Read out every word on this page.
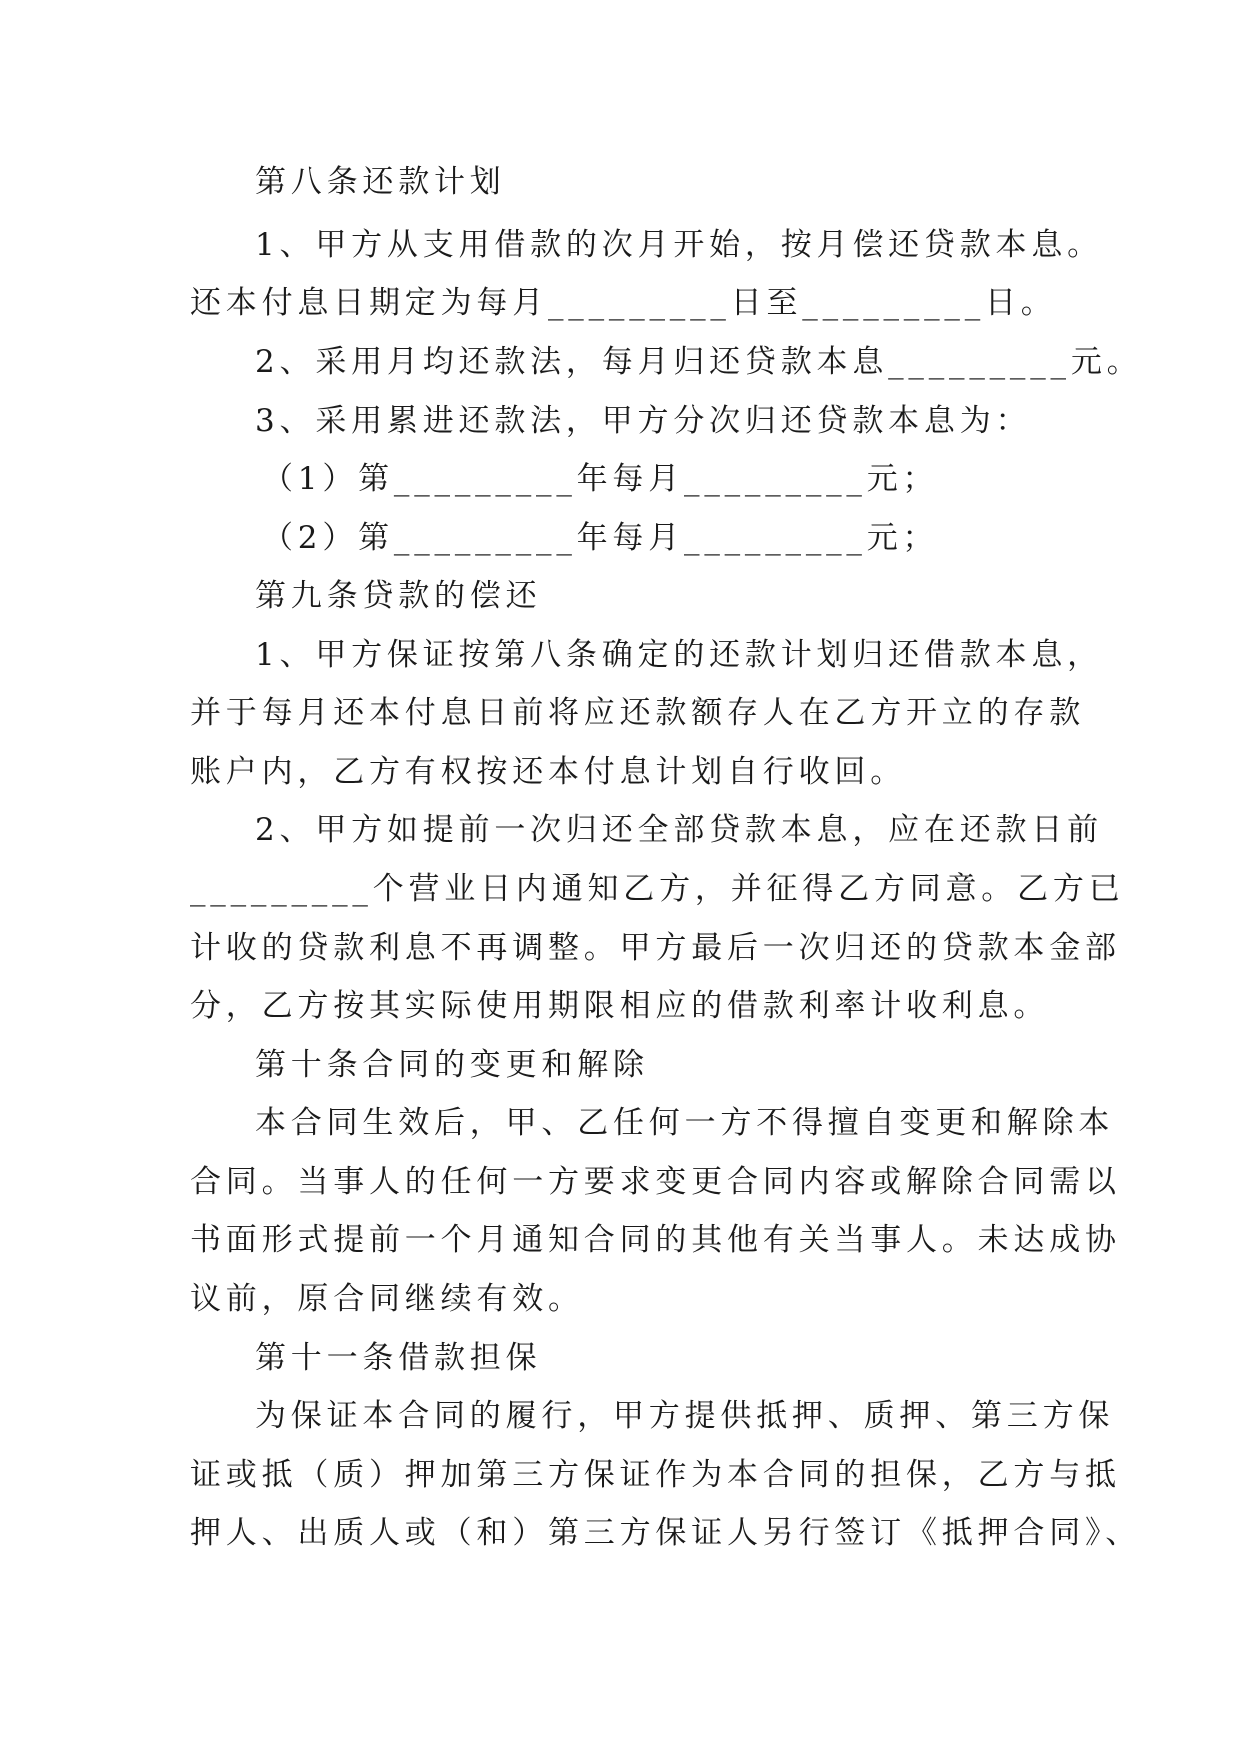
第八条还款计划
1、甲方从支用借款的次月开始，按月偿还贷款本息。
还本付息日期定为每月_________日至_________日。
2、采用月均还款法，每月归还贷款本息_________元。
3、采用累进还款法，甲方分次归还贷款本息为：
（1）第_________年每月_________元；
（2）第_________年每月_________元；
第九条贷款的偿还
1、甲方保证按第八条确定的还款计划归还借款本息，
并于每月还本付息日前将应还款额存人在乙方开立的存款
账户内，乙方有权按还本付息计划自行收回。
2、甲方如提前一次归还全部贷款本息，应在还款日前
_________个营业日内通知乙方，并征得乙方同意。乙方已
计收的贷款利息不再调整。甲方最后一次归还的贷款本金部
分，乙方按其实际使用期限相应的借款利率计收利息。
第十条合同的变更和解除
本合同生效后，甲、乙任何一方不得擅自变更和解除本
合同。当事人的任何一方要求变更合同内容或解除合同需以
书面形式提前一个月通知合同的其他有关当事人。未达成协
议前，原合同继续有效。
第十一条借款担保
为保证本合同的履行，甲方提供抵押、质押、第三方保
证或抵（质）押加第三方保证作为本合同的担保，乙方与抵
押人、出质人或（和）第三方保证人另行签订《抵押合同》、
